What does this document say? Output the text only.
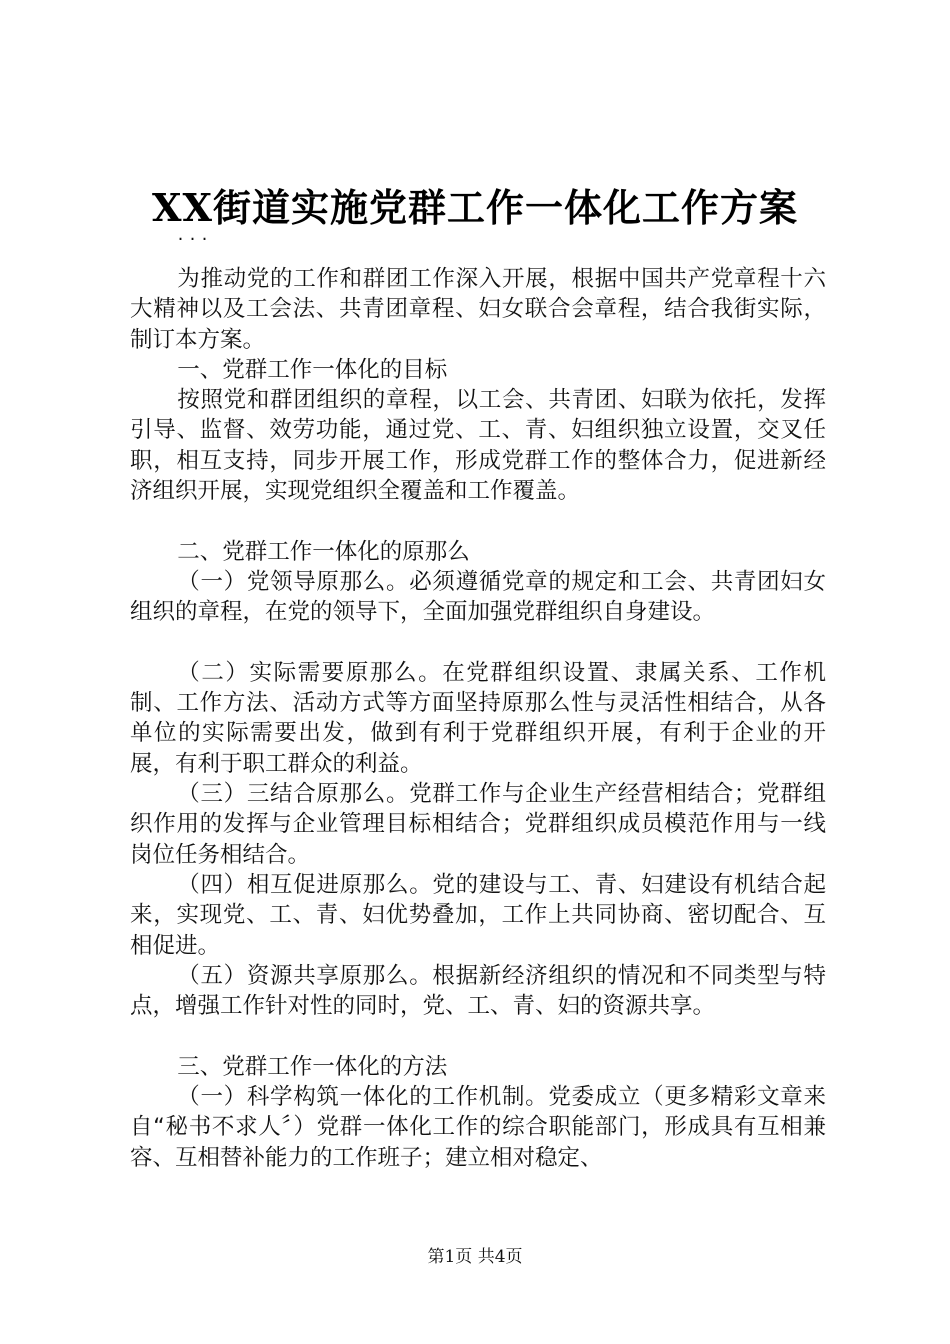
XX街道实施党群工作一体化工作方案
...

为推动党的工作和群团工作深入开展，根据中国共产党章程十六大精神以及工会法、共青团章程、妇女联合会章程，结合我街实际，制订本方案。

一、党群工作一体化的目标

按照党和群团组织的章程，以工会、共青团、妇联为依托，发挥引导、监督、效劳功能，通过党、工、青、妇组织独立设置，交叉任职，相互支持，同步开展工作，形成党群工作的整体合力，促进新经济组织开展，实现党组织全覆盖和工作覆盖。

二、党群工作一体化的原那么

（一）党领导原那么。必须遵循党章的规定和工会、共青团妇女组织的章程，在党的领导下，全面加强党群组织自身建设。

（二）实际需要原那么。在党群组织设置、隶属关系、工作机制、工作方法、活动方式等方面坚持原那么性与灵活性相结合，从各单位的实际需要出发，做到有利于党群组织开展，有利于企业的开展，有利于职工群众的利益。

（三）三结合原那么。党群工作与企业生产经营相结合；党群组织作用的发挥与企业管理目标相结合；党群组织成员模范作用与一线岗位任务相结合。

（四）相互促进原那么。党的建设与工、青、妇建设有机结合起来，实现党、工、青、妇优势叠加，工作上共同协商、密切配合、互相促进。

（五）资源共享原那么。根据新经济组织的情况和不同类型与特点，增强工作针对性的同时，党、工、青、妇的资源共享。

三、党群工作一体化的方法

（一）科学构筑一体化的工作机制。党委成立（更多精彩文章来自“秘书不求人〞）党群一体化工作的综合职能部门，形成具有互相兼容、互相替补能力的工作班子；建立相对稳定、

第1页 共4页
